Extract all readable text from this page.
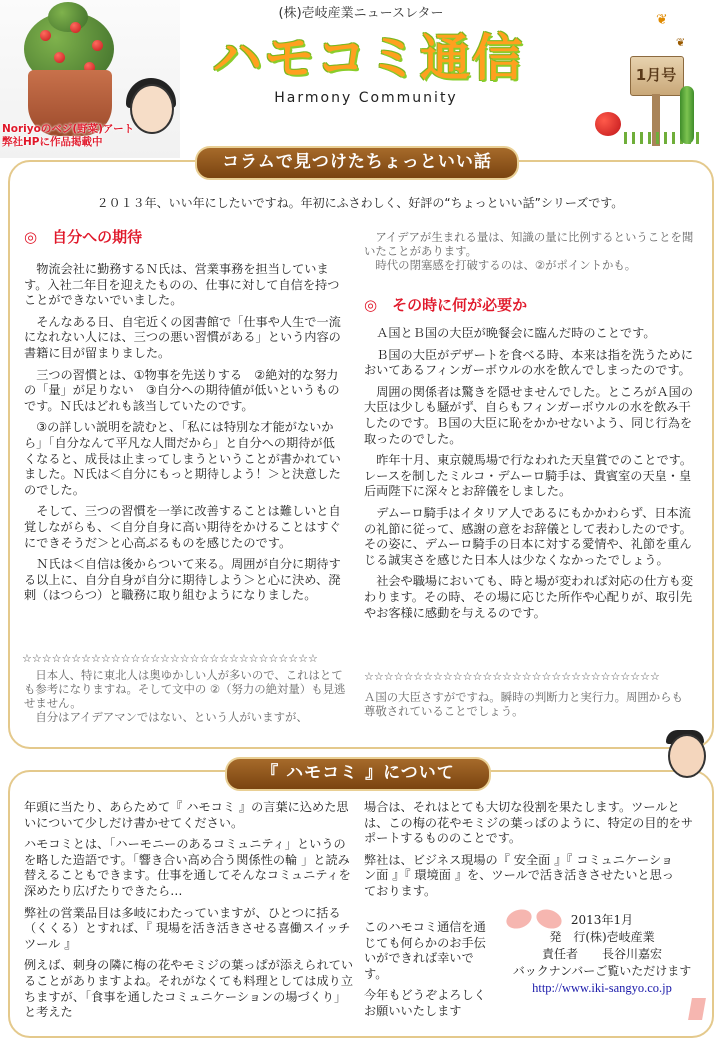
Noriyoのベジ(野菜)アート
弊社HPに作品掲載中
(株)壱岐産業ニュースレター
ハモコミ通信
Harmony Community
❦
❦
1月号
コラムで見つけたちょっといい話
２０１３年、いい年にしたいですね。年初にふさわしく、好評の“ちょっといい話”シリーズです。
◎　自分への期待

物流会社に勤務するＮ氏は、営業事務を担当しています。入社二年目を迎えたものの、仕事に対して自信を持つことができないでいました。

そんなある日、自宅近くの図書館で「仕事や人生で一流になれない人には、三つの悪い習慣がある」という内容の書籍に目が留まりました。

三つの習慣とは、①物事を先送りする　②絶対的な努力の「量」が足りない　③自分への期待値が低いというものです。Ｎ氏はどれも該当していたのです。

③の詳しい説明を読むと、「私には特別な才能がないから」「自分なんて平凡な人間だから」と自分への期待が低くなると、成長は止まってしまうということが書かれていました。Ｎ氏は＜自分にもっと期待しよう！＞と決意したのでした。

そして、三つの習慣を一挙に改善することは難しいと自覚しながらも、＜自分自身に高い期待をかけることはすぐにできそうだ＞と心高ぶるものを感じたのです。

Ｎ氏は＜自信は後からついて来る。周囲が自分に期待する以上に、自分自身が自分に期待しよう＞と心に決め、溌剌（はつらつ）と職務に取り組むようになりました。

☆☆☆☆☆☆☆☆☆☆☆☆☆☆☆☆☆☆☆☆☆☆☆☆☆☆☆☆☆☆
日本人、特に東北人は奥ゆかしい人が多いので、これはとても参考になりますね。そして文中の ②（努力の絶対量）も見逃せません。
自分はアイデアマンではない、という人がいますが、
アイデアが生まれる量は、知識の量に比例するということを聞いたことがあります。
時代の閉塞感を打破するのは、②がポイントかも。
◎　その時に何が必要か

Ａ国とＢ国の大臣が晩餐会に臨んだ時のことです。

Ｂ国の大臣がデザートを食べる時、本来は指を洗うためにおいてあるフィンガーボウルの水を飲んでしまったのです。

周囲の関係者は驚きを隠せませんでした。ところがＡ国の大臣は少しも騒がず、自らもフィンガーボウルの水を飲み干したのです。Ｂ国の大臣に恥をかかせないよう、同じ行為を取ったのでした。

昨年十月、東京競馬場で行なわれた天皇賞でのことです。レースを制したミルコ・デムーロ騎手は、貴賓室の天皇・皇后両陛下に深々とお辞儀をしました。

デムーロ騎手はイタリア人であるにもかかわらず、日本流の礼節に従って、感謝の意をお辞儀として表わしたのです。その姿に、デムーロ騎手の日本に対する愛情や、礼節を重んじる誠実さを感じた日本人は少なくなかったでしょう。

社会や職場においても、時と場が変われば対応の仕方も変わります。その時、その場に応じた所作や心配りが、取引先やお客様に感動を与えるのです。

☆☆☆☆☆☆☆☆☆☆☆☆☆☆☆☆☆☆☆☆☆☆☆☆☆☆☆☆☆☆
Ａ国の大臣さすがですね。瞬時の判断力と実行力。周囲からも尊敬されていることでしょう。
『 ハモコミ 』について

年頭に当たり、あらためて『 ハモコミ 』の言葉に込めた思いについて少しだけ書かせてください。

ハモコミとは、「ハーモニーのあるコミュニティ」というのを略した造語です。「響き合い高め合う関係性の輪 」と読み替えることもできます。仕事を通してそんなコミュニティを深めたり広げたりできたら…

弊社の営業品目は多岐にわたっていますが、ひとつに括る（くくる）とすれば、『 現場を活き活きさせる喜働スイッチツール 』

例えば、刺身の隣に梅の花やモミジの葉っぱが添えられていることがありますよね。それがなくても料理としては成り立ちますが、「食事を通したコミュニケーションの場づくり」と考えた

場合は、それはとても大切な役割を果たします。ツールとは、この梅の花やモミジの葉っぱのように、特定の目的をサポートするもののことです。

弊社は、ビジネス現場の『 安全面 』『 コミュニケーション面 』『 環境面 』を、ツールで活き活きさせたいと思っております。

このハモコミ通信を通じても何らかのお手伝いができれば幸いです。

今年もどうぞよろしくお願いいたします

2013年1月
発　行(株)壱岐産業
責任者　　長谷川嘉宏
バックナンバーご覧いただけます
http://www.iki-sangyo.co.jp
